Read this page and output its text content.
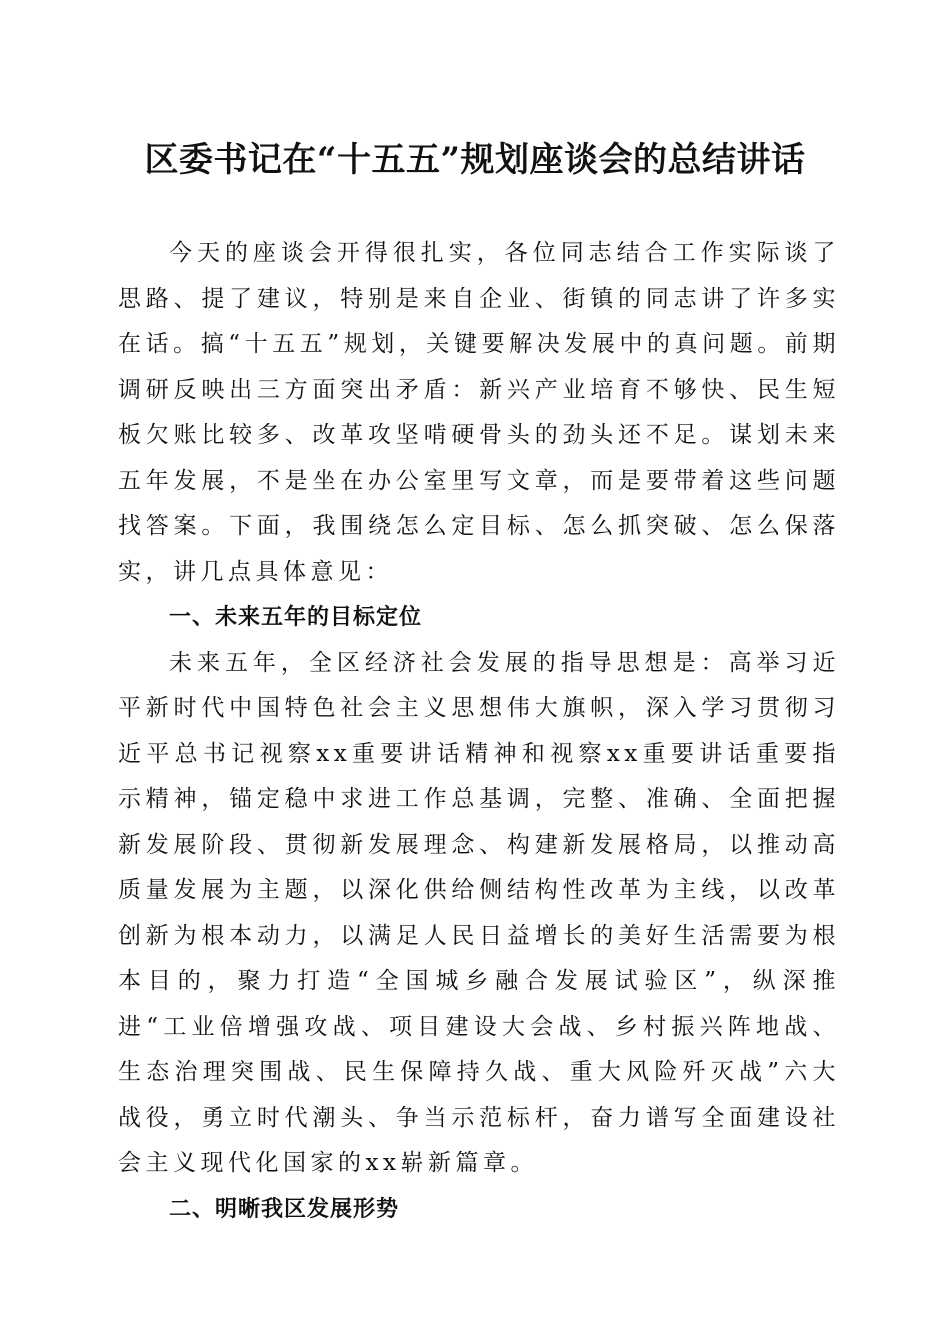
区委书记在“十五五”规划座谈会的总结讲话

今天的座谈会开得很扎实，各位同志结合工作实际谈了思路、提了建议，特别是来自企业、街镇的同志讲了许多实在话。搞“十五五”规划，关键要解决发展中的真问题。前期调研反映出三方面突出矛盾：新兴产业培育不够快、民生短板欠账比较多、改革攻坚啃硬骨头的劲头还不足。谋划未来五年发展，不是坐在办公室里写文章，而是要带着这些问题找答案。下面，我围绕怎么定目标、怎么抓突破、怎么保落实，讲几点具体意见：

一、未来五年的目标定位

未来五年，全区经济社会发展的指导思想是：高举习近平新时代中国特色社会主义思想伟大旗帜，深入学习贯彻习近平总书记视察xx重要讲话精神和视察xx重要讲话重要指示精神，锚定稳中求进工作总基调，完整、准确、全面把握新发展阶段、贯彻新发展理念、构建新发展格局，以推动高质量发展为主题，以深化供给侧结构性改革为主线，以改革创新为根本动力，以满足人民日益增长的美好生活需要为根本目的，聚力打造“全国城乡融合发展试验区”，纵深推进“工业倍增强攻战、项目建设大会战、乡村振兴阵地战、生态治理突围战、民生保障持久战、重大风险歼灭战”六大战役，勇立时代潮头、争当示范标杆，奋力谱写全面建设社会主义现代化国家的xx崭新篇章。

二、明晰我区发展形势
